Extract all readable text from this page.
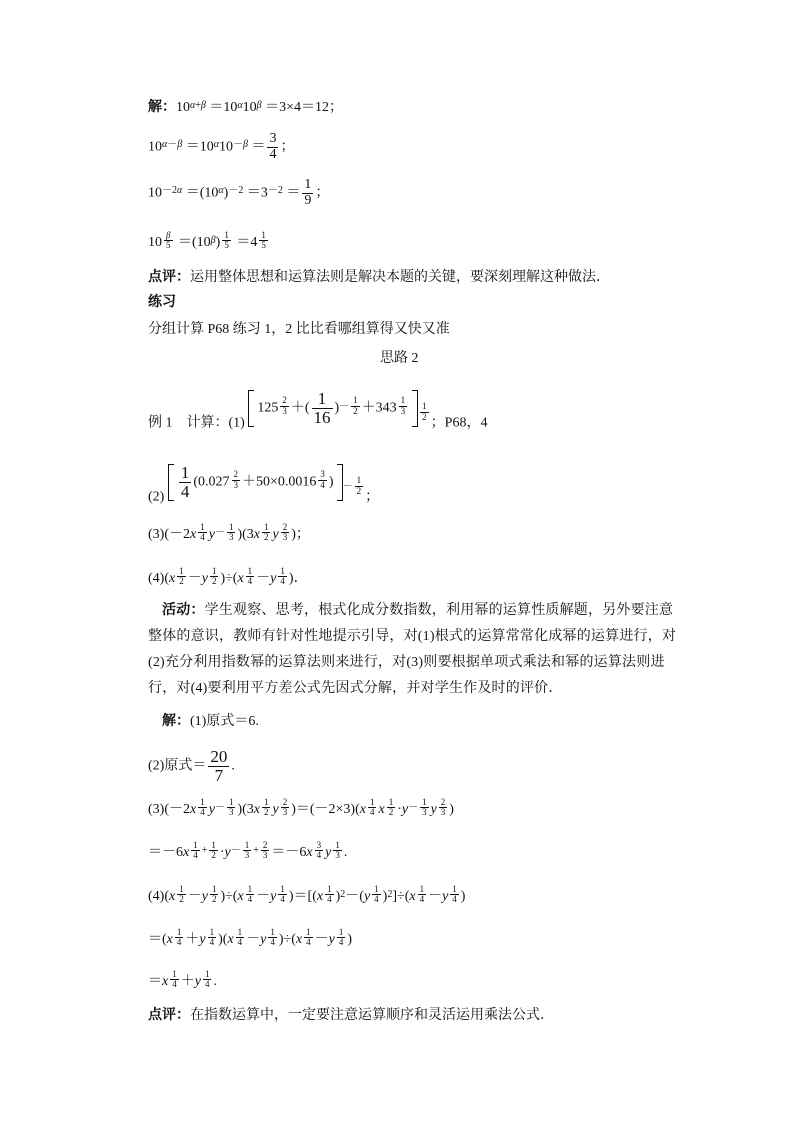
解：$10^{\alpha+\beta} =10^\alpha 10^\beta =3\times 4=12$；
$10^{\alpha-\beta} =10^\alpha 10^{-\beta} = \frac{3}{4}$ ；
$10^{-2\alpha} =(10^\alpha)^{-2} =3^{-2} = \frac{1}{9}$ ；
10 $^{\frac{\beta}{5}} =(10^\beta)$ $^{\frac{1}{5}}$ ＝4 $^{\frac{1}{5}}$
点评：运用整体思想和运算法则是解决本题的关键，要深刻理解这种做法．
练习
分组计算 P68 练习 1，2 比比看哪组算得又快又准
思路 2
例 1　计算：(1)
125 $^{\frac{2}{3}}$ ＋( $\frac{1}{16} )^{- \frac{1}{2}} +343$ $^{\frac{1}{3}}$ $^{\frac{1}{2}}$
；P68，4
$(2) \frac{1}{4} (0.027$ $^{\frac{2}{3}}$ ＋50×0.0016 $^{\frac{3}{4}}$ ) $^{- \frac{1}{2}}$
；
(3)(－2x $^{\frac{1}{4}}$ $y^{- \frac{1}{3}}$ )(3x $^{\frac{1}{2}}$ y $^{\frac{2}{3}}$ )；
(4)(x $^{\frac{1}{2}}$ －y $^{\frac{1}{2}}$ )÷(x $^{\frac{1}{4}}$ －y $^{\frac{1}{4}}$ )．
活动：学生观察、思考，根式化成分数指数，利用幂的运算性质解题，另外要注意整体的意识，教师有针对性地提示引导，对(1)根式的运算常常化成幂的运算进行，对(2)充分利用指数幂的运算法则来进行，对(3)则要根据单项式乘法和幂的运算法则进行，对(4)要利用平方差公式先因式分解，并对学生作及时的评价．
解：(1)原式＝6.
(2)原式＝ $\frac{20}{7}$ .
(3)(－2x $^{\frac{1}{4}}$ $y^{- \frac{1}{3}}$ )(3x $^{\frac{1}{2}}$ y $^{\frac{2}{3}}$ )＝(－2×3)(x $^{\frac{1}{4}}$ x $^{\frac{1}{2}} \cdot y^{- \frac{1}{3}}$ y $^{\frac{2}{3}}$ )
＝－6x $^{\frac{1}{4} + \frac{1}{2}} \cdot y^{- \frac{1}{3} + \frac{2}{3}} =-6x$ $^{\frac{3}{4}}$ y $^{\frac{1}{3}}$ .
(4)(x $^{\frac{1}{2}}$ －y $^{\frac{1}{2}}$ )÷(x $^{\frac{1}{4}}$ －y $^{\frac{1}{4}}$ )＝[(x $^{\frac{1}{4}}$ )$^2$－(y $^{\frac{1}{4}}$ )$^2$]÷(x $^{\frac{1}{4}}$ －y $^{\frac{1}{4}}$ )
＝(x $^{\frac{1}{4}}$ ＋y $^{\frac{1}{4}}$ )(x $^{\frac{1}{4}}$ －y $^{\frac{1}{4}}$ )÷(x $^{\frac{1}{4}}$ －y $^{\frac{1}{4}}$ )
＝x $^{\frac{1}{4}}$ ＋y $^{\frac{1}{4}}$ .
点评：在指数运算中，一定要注意运算顺序和灵活运用乘法公式．
